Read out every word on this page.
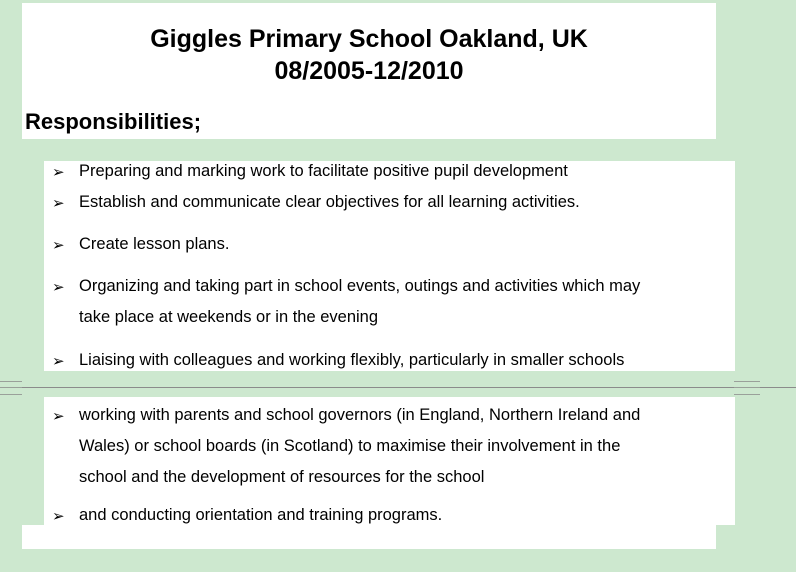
Giggles Primary School Oakland, UK
08/2005-12/2010
Responsibilities;
➢ Preparing and marking work to facilitate positive pupil development
➢ Establish and communicate clear objectives for all learning activities.
➢ Create lesson plans.
➢ Organizing and taking part in school events, outings and activities which may
take place at weekends or in the evening
➢ Liaising with colleagues and working flexibly, particularly in smaller schools
➢ working with parents and school governors (in England, Northern Ireland and
Wales) or school boards (in Scotland) to maximise their involvement in the
school and the development of resources for the school
➢ and conducting orientation and training programs.
